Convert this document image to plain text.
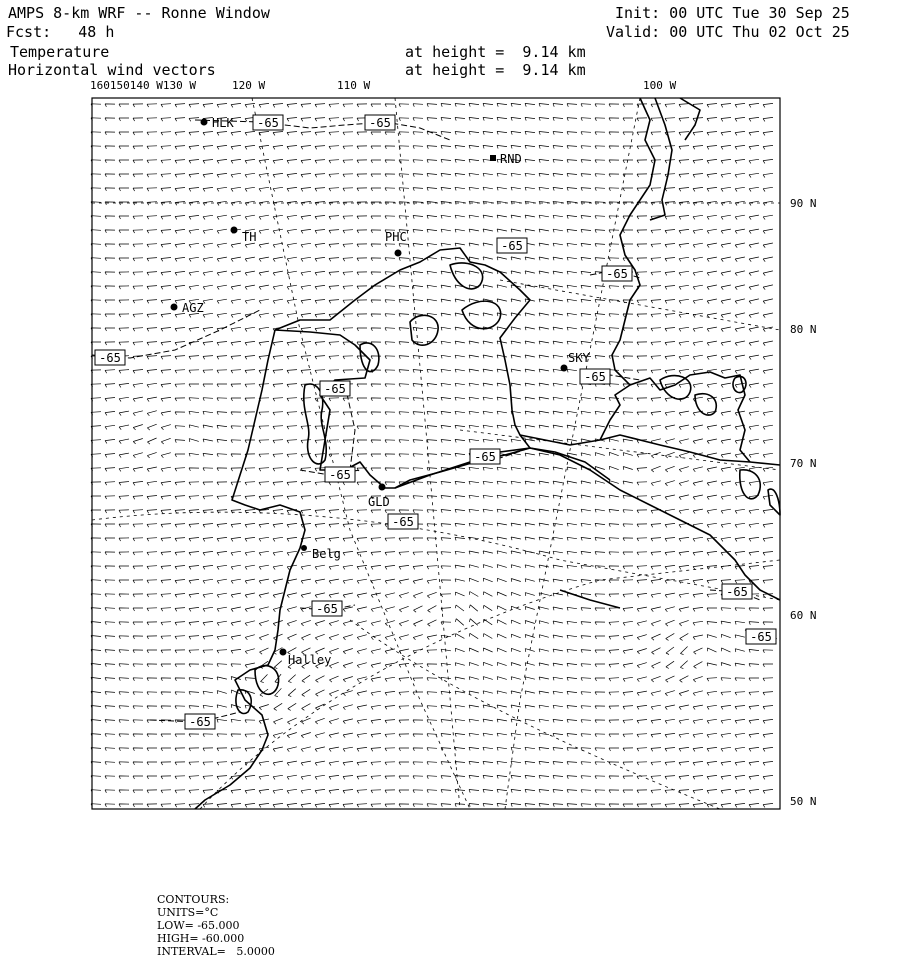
AMPS 8-km WRF -- Ronne Window	Init: 00 UTC Tue 30 Sep 25
Fcst:   48 h	Valid: 00 UTC Thu 02 Oct 25
Temperature	at height =  9.14 km
Horizontal wind vectors	at height =  9.14 km
-65	-65
-65
-65
-65
-65
-65
-65
-65
-65
-65
-65
-65
-65
HLK
RND
TH	PHC
AGZ
SKY
GLD
Belg
Halley
160150140 W130 W	120 W	110 W	100 W
90 N
80 N
70 N
60 N
50 N

CONTOURS:
UNITS=°C
LOW= -65.000
HIGH= -60.000
INTERVAL=   5.0000
